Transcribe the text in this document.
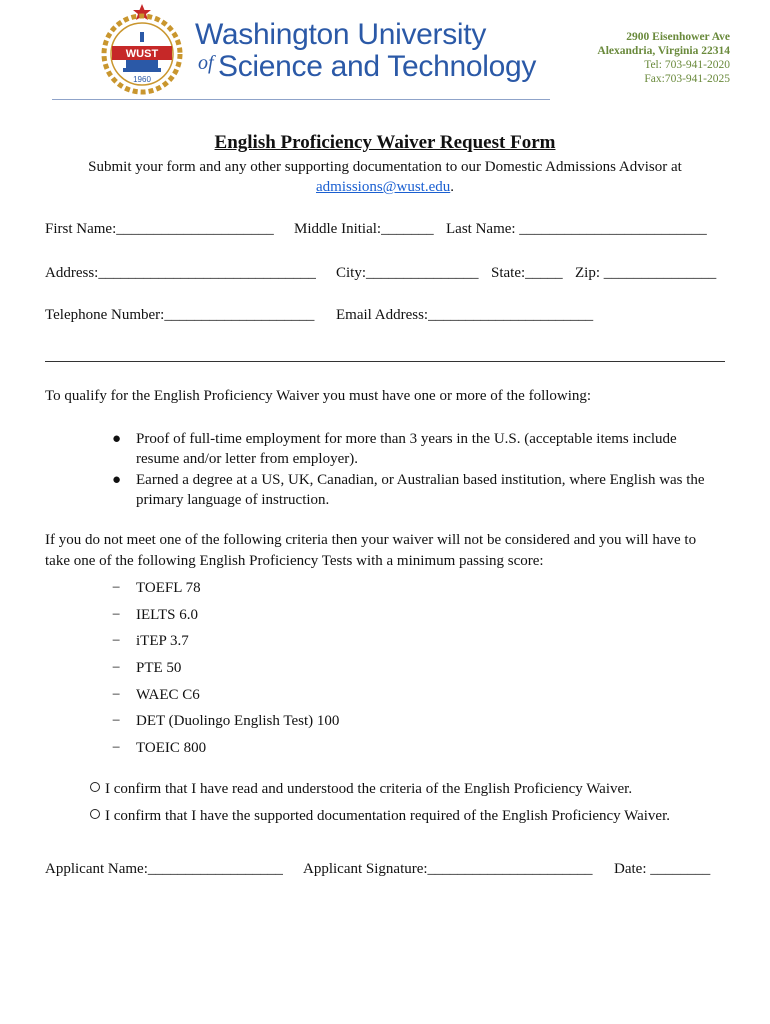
WUST
1960
Washington University
of Science and Technology
2900 Eisenhower Ave
Alexandria, Virginia 22314
Tel: 703-941-2020
Fax:703-941-2025
English Proficiency Waiver Request Form
Submit your form and any other supporting documentation to our Domestic Admissions Advisor at
admissions@wust.edu.
First Name:_____________________ Middle Initial:_______ Last Name: _________________________
Address:_____________________________ City:_______________ State:_____ Zip: _______________
Telephone Number:____________________ Email Address:______________________
To qualify for the English Proficiency Waiver you must have one or more of the following:
● Proof of full-time employment for more than 3 years in the U.S. (acceptable items include resume and/or letter from employer).
● Earned a degree at a US, UK, Canadian, or Australian based institution, where English was the primary language of instruction.
If you do not meet one of the following criteria then your waiver will not be considered and you will have to
take one of the following English Proficiency Tests with a minimum passing score:
− TOEFL 78
− IELTS 6.0
− iTEP 3.7
− PTE 50
− WAEC C6
− DET (Duolingo English Test) 100
− TOEIC 800
I confirm that I have read and understood the criteria of the English Proficiency Waiver.
I confirm that I have the supported documentation required of the English Proficiency Waiver.
Applicant Name:__________________ Applicant Signature:______________________ Date: ________
